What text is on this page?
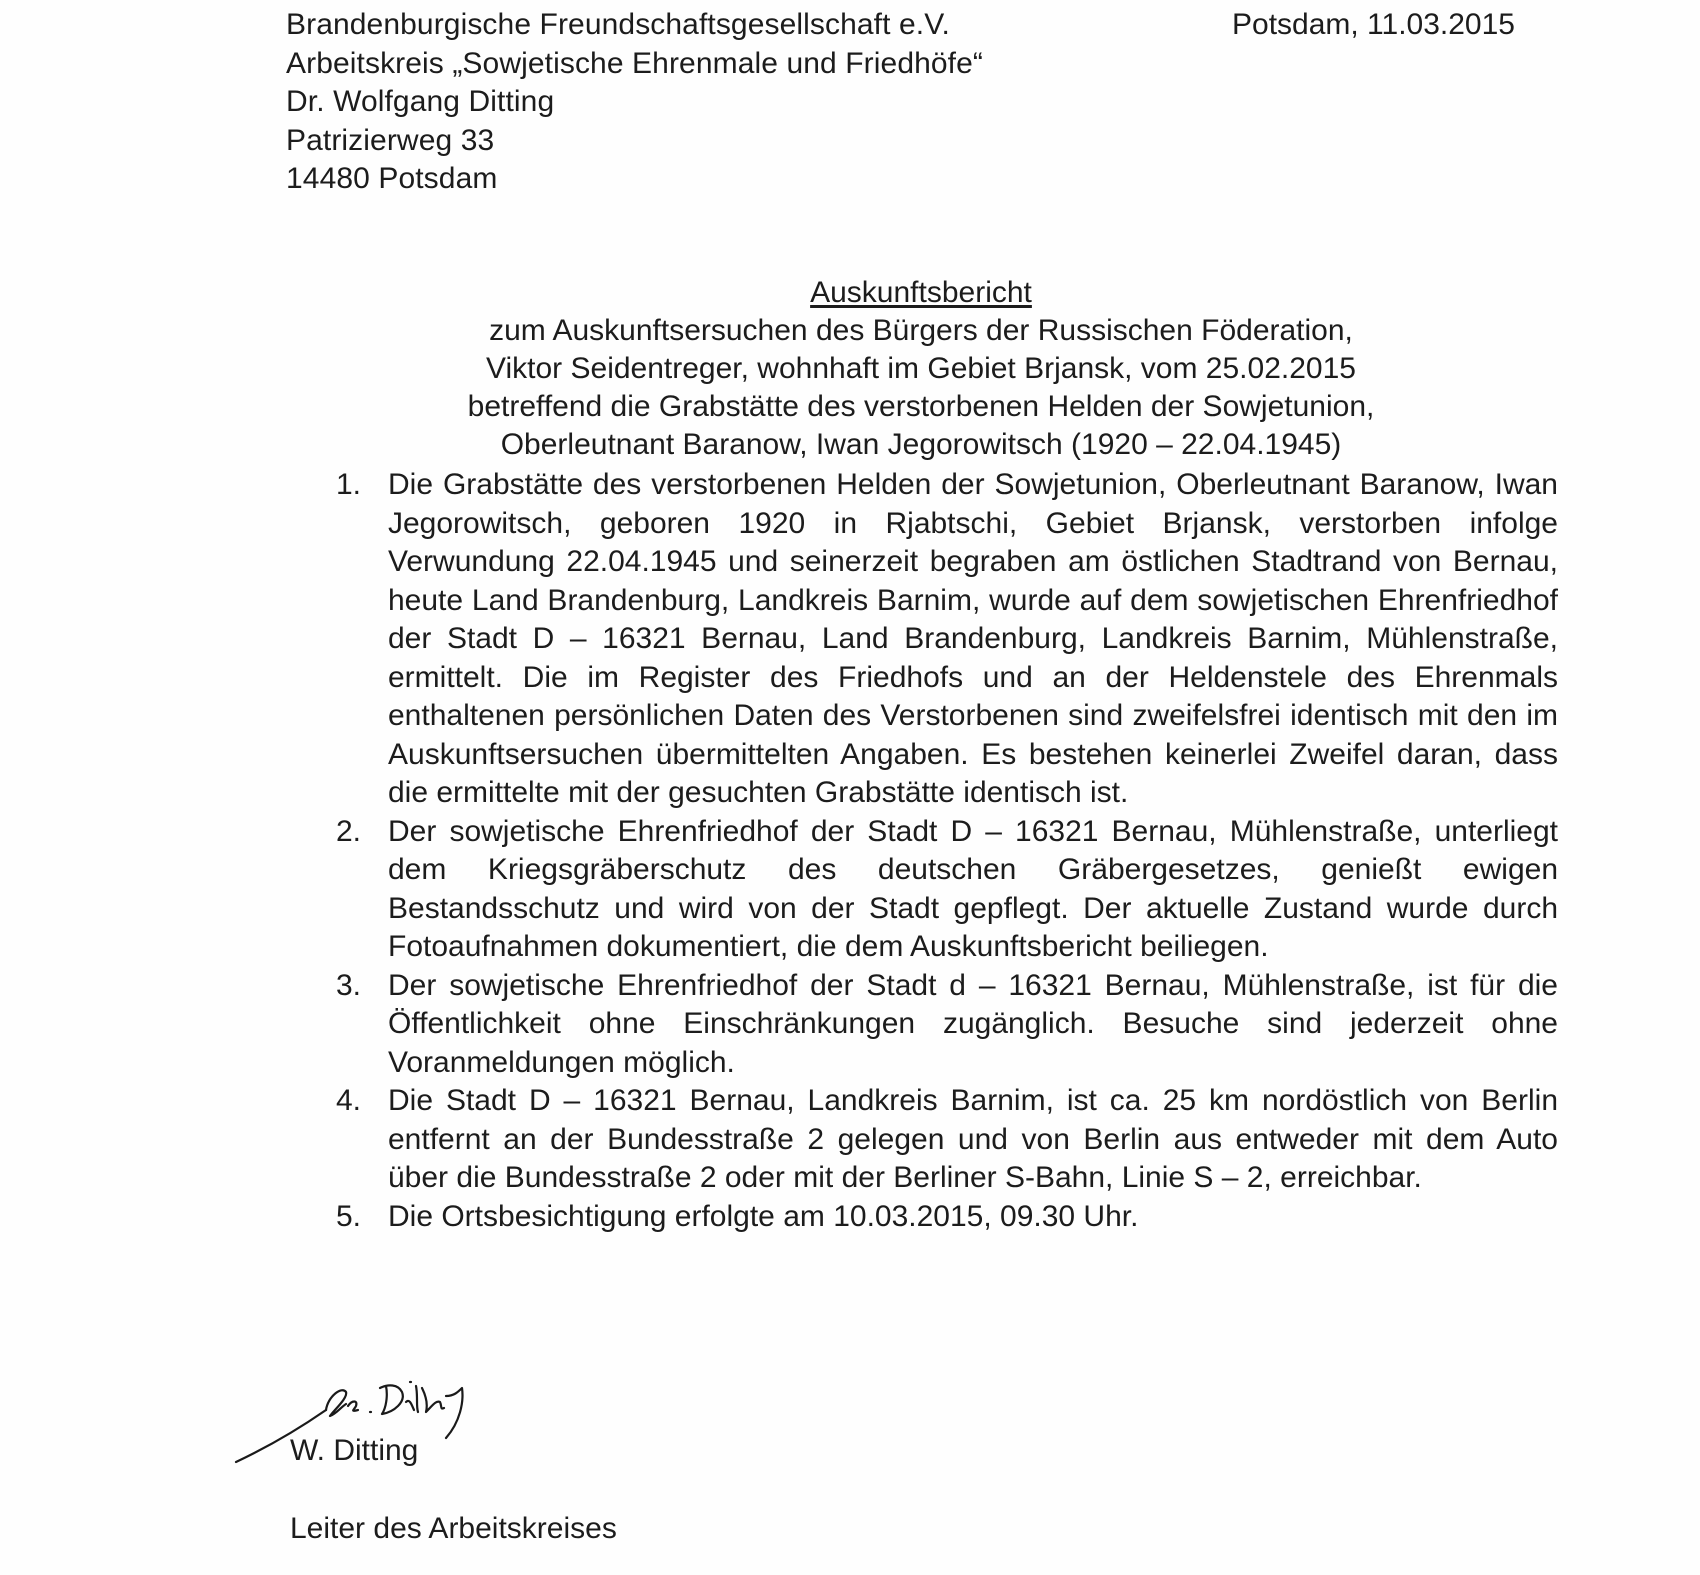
Brandenburgische Freundschaftsgesellschaft e.V.
Arbeitskreis „Sowjetische Ehrenmale und Friedhöfe“
Dr. Wolfgang Ditting
Patrizierweg 33
14480 Potsdam
Potsdam, 11.03.2015
Auskunftsbericht
zum Auskunftsersuchen des Bürgers der Russischen Föderation,
Viktor Seidentreger, wohnhaft im Gebiet Brjansk, vom 25.02.2015
betreffend die Grabstätte des verstorbenen Helden der Sowjetunion,
Oberleutnant Baranow, Iwan Jegorowitsch (1920 – 22.04.1945)
1. Die Grabstätte des verstorbenen Helden der Sowjetunion, Oberleutnant Baranow, Iwan Jegorowitsch, geboren 1920 in Rjabtschi, Gebiet Brjansk, verstorben infolge Verwundung 22.04.1945 und seinerzeit begraben am östlichen Stadtrand von Bernau, heute Land Brandenburg, Landkreis Barnim, wurde auf dem sowjetischen Ehrenfriedhof der Stadt D – 16321 Bernau, Land Brandenburg, Landkreis Barnim, Mühlenstraße, ermittelt. Die im Register des Friedhofs und an der Heldenstele des Ehrenmals enthaltenen persönlichen Daten des Verstorbenen sind zweifelsfrei identisch mit den im Auskunftsersuchen übermittelten Angaben. Es bestehen keinerlei Zweifel daran, dass die ermittelte mit der gesuchten Grabstätte identisch ist.
2. Der sowjetische Ehrenfriedhof der Stadt D – 16321 Bernau, Mühlenstraße, unterliegt dem Kriegsgräberschutz des deutschen Gräbergesetzes, genießt ewigen Bestandsschutz und wird von der Stadt gepflegt. Der aktuelle Zustand wurde durch Fotoaufnahmen dokumentiert, die dem Auskunftsbericht beiliegen.
3. Der sowjetische Ehrenfriedhof der Stadt d – 16321 Bernau, Mühlenstraße, ist für die Öffentlichkeit ohne Einschränkungen zugänglich. Besuche sind jederzeit ohne Voranmeldungen möglich.
4. Die Stadt D – 16321 Bernau, Landkreis Barnim, ist ca. 25 km nordöstlich von Berlin entfernt an der Bundesstraße 2 gelegen und von Berlin aus entweder mit dem Auto über die Bundesstraße 2 oder mit der Berliner S-Bahn, Linie S – 2, erreichbar.
5. Die Ortsbesichtigung erfolgte am 10.03.2015, 09.30 Uhr.
W. Ditting
Leiter des Arbeitskreises
